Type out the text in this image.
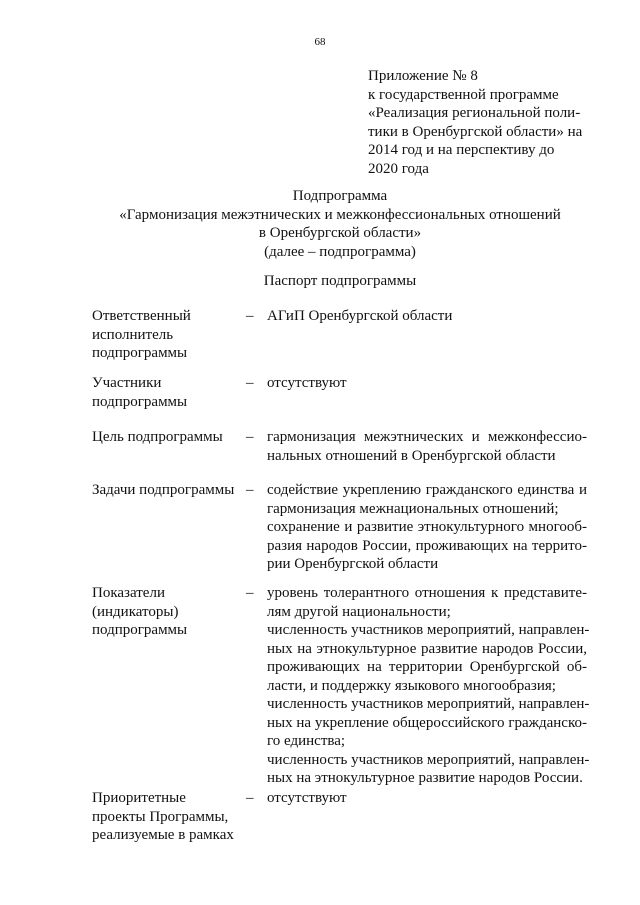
68
Приложение № 8
к государственной программе
«Реализация региональной поли-
тики в Оренбургской области» на
2014 год и на перспективу до
2020 года
Подпрограмма
«Гармонизация межэтнических и межконфессиональных отношений
в Оренбургской области»
(далее – подпрограмма)
Паспорт подпрограммы
Ответственный
исполнитель
подпрограммы
– АГиП Оренбургской области
Участники
подпрограммы
– отсутствуют
Цель подпрограммы	– гармонизация межэтнических и межконфессио-
нальных отношений в Оренбургской области
Задачи подпрограммы – содействие укреплению гражданского единства и
гармонизация межнациональных отношений;
сохранение и развитие этнокультурного многооб-
разия народов России, проживающих на террито-
рии Оренбургской области
Показатели
(индикаторы)
подпрограммы
– уровень толерантного отношения к представите-
лям другой национальности;
численность участников мероприятий, направлен-
ных на этнокультурное развитие народов России,
проживающих на территории Оренбургской об-
ласти, и поддержку языкового многообразия;
численность участников мероприятий, направлен-
ных на укрепление общероссийского гражданско-
го единства;
численность участников мероприятий, направлен-
ных на этнокультурное развитие народов России.
Приоритетные
проекты Программы,
реализуемые в рамках
– отсутствуют
